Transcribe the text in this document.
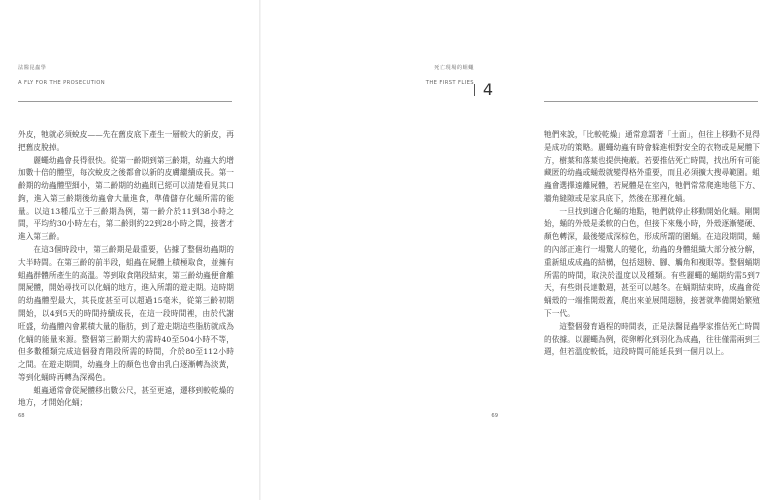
法醫昆蟲學
A FLY FOR THE PROSECUTION

外皮，牠就必須蛻皮——先在舊皮底下產生一層較大的新皮，再把舊皮脫掉。

麗蠅幼蟲會長得很快。從第一齡期到第三齡期，幼蟲大約增加數十倍的體型，每次蛻皮之後都會以新的皮膚繼續成長。第一齡期的幼蟲體型細小，第二齡期的幼蟲則已經可以清楚看見其口鉤，進入第三齡期後幼蟲會大量進食，準備儲存化蛹所需的能量。以這13種瓜立于三齡期為例，第一齡介於11到38小時之間，平均約30小時左右，第二齡則約22到28小時之間，接著才進入第三齡。

在這3個時段中，第三齡期是最重要，佔據了整個幼蟲期的大半時間。在第三齡的前半段，蛆蟲在屍體上積極取食，並擁有蛆蟲群體所產生的高溫。等到取食階段結束，第三齡幼蟲便會離開屍體，開始尋找可以化蛹的地方，進入所謂的遊走期。這時期的幼蟲體型最大，其長度甚至可以超過15毫米，從第三齡初期開始，以4到5天的時間持續成長，在這一段時間裡，由於代謝旺盛，幼蟲體內會累積大量的脂肪，到了遊走期這些脂肪就成為化蛹的能量來源。整個第三齡期大約需時40至504小時不等，但多數種類完成這個發育階段所需的時間，介於80至112小時之間。在遊走期間，幼蟲身上的顏色也會由乳白逐漸轉為淡黃，等到化蛹時再轉為深褐色。

蛆蟲通常會從屍體移出數公尺，甚至更遠，遷移到較乾燥的地方，才開始化蛹；

68
死亡現場的蛆蠅
THE FIRST FLIES 4

牠們來說，「比較乾燥」通常意謂著「土面」，但往上移動不見得是成功的策略。麗蠅幼蟲有時會躲進相對安全的衣物或是屍體下方，樹葉和落葉也提供掩蔽。若要推估死亡時間，找出所有可能藏匿的幼蟲或蛹殼就變得格外重要，而且必須擴大搜尋範圍。蛆蟲會選擇遠離屍體，若屍體是在室內，牠們常常爬進地毯下方、牆角縫隙或是家具底下，然後在那裡化蛹。

一旦找到適合化蛹的地點，牠們就停止移動開始化蛹。剛開始，蛹的外殼是柔軟的白色，但接下來幾小時，外殼逐漸變硬、顏色轉深，最後變成深棕色，形成所謂的圍蛹。在這段期間，蛹的內部正進行一場驚人的變化，幼蟲的身體組織大部分被分解，重新組成成蟲的結構，包括翅膀、腳、觸角和複眼等。整個蛹期所需的時間，取決於溫度以及種類。有些麗蠅的蛹期約需5到7天，有些則長達數週，甚至可以越冬。在蛹期結束時，成蟲會從蛹殼的一端推開殼蓋，爬出來並展開翅膀，接著就準備開始繁殖下一代。

這整個發育過程的時間表，正是法醫昆蟲學家推估死亡時間的依據。以麗蠅為例，從卵孵化到羽化為成蟲，往往僅需兩到三週，但若溫度較低，這段時間可能延長到一個月以上。

69
